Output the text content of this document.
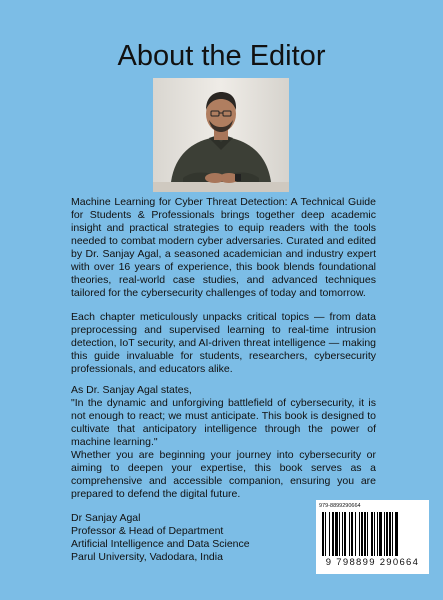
About the Editor

Machine Learning for Cyber Threat Detection: A Technical Guide for Students & Professionals brings together deep academic insight and practical strategies to equip readers with the tools needed to combat modern cyber adversaries. Curated and edited by Dr. Sanjay Agal, a seasoned academician and industry expert with over 16 years of experience, this book blends foundational theories, real-world case studies, and advanced techniques tailored for the cybersecurity challenges of today and tomorrow.

Each chapter meticulously unpacks critical topics — from data preprocessing and supervised learning to real-time intrusion detection, IoT security, and AI-driven threat intelligence — making this guide invaluable for students, researchers, cybersecurity professionals, and educators alike.

As Dr. Sanjay Agal states,
"In the dynamic and unforgiving battlefield of cybersecurity, it is not enough to react; we must anticipate. This book is designed to cultivate that anticipatory intelligence through the power of machine learning."

Whether you are beginning your journey into cybersecurity or aiming to deepen your expertise, this book serves as a comprehensive and accessible companion, ensuring you are prepared to defend the digital future.

Dr Sanjay Agal
Professor & Head of Department
Artificial Intelligence and Data Science
Parul University, Vadodara, India
979-8899290664
9 798899 290664
